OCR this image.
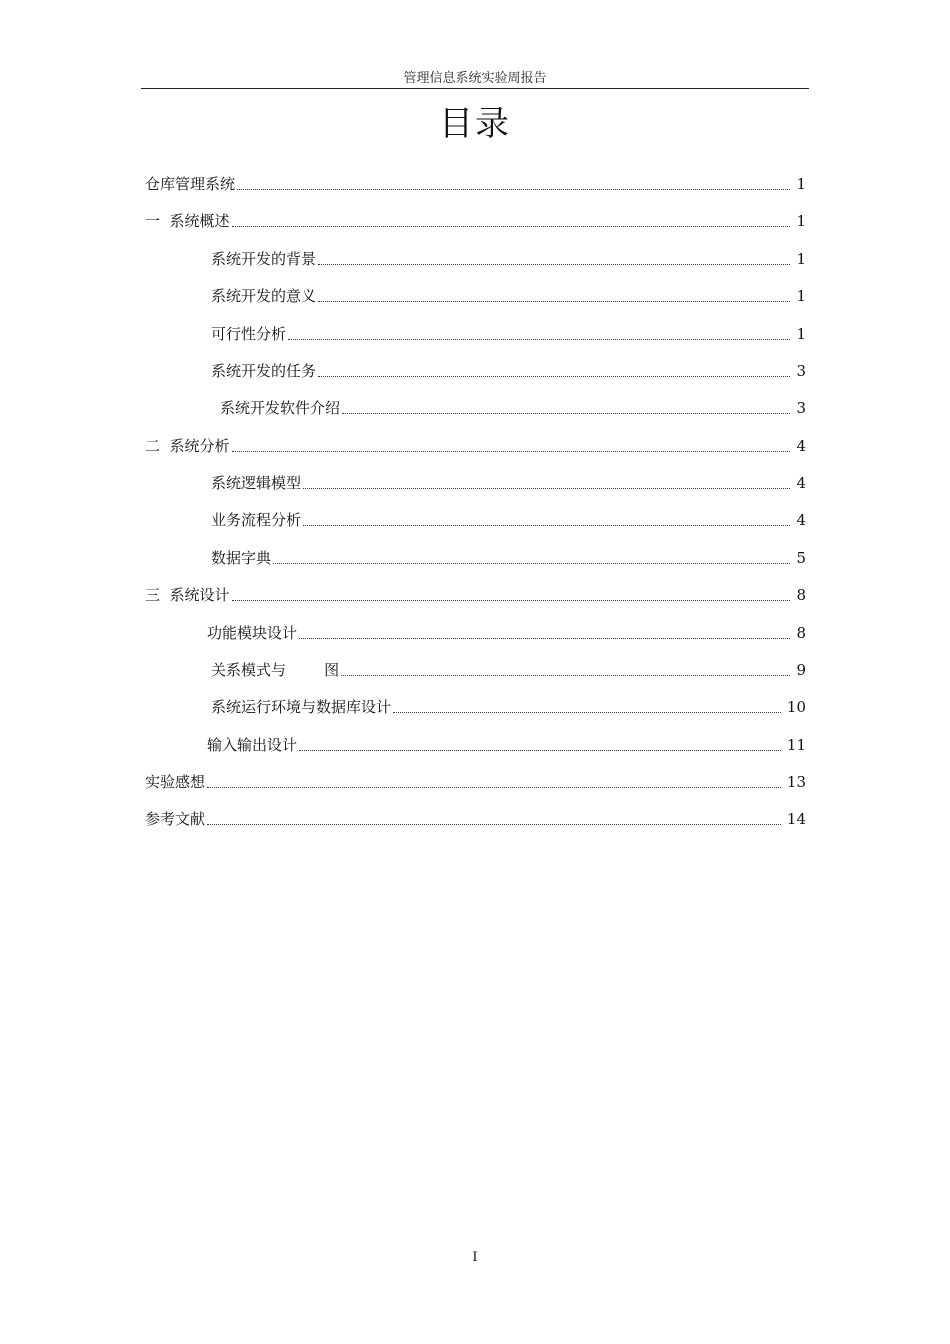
管理信息系统实验周报告
目录
仓库管理系统	1
一  系统概述	1
系统开发的背景	1
系统开发的意义	1
可行性分析	1
系统开发的任务	3
系统开发软件介绍	3
二  系统分析	4
系统逻辑模型	4
业务流程分析	4
数据字典	5
三  系统设计	8
功能模块设计	8
关系模式与        图	9
系统运行环境与数据库设计	10
输入输出设计	11
实验感想	13
参考文献	14
I
